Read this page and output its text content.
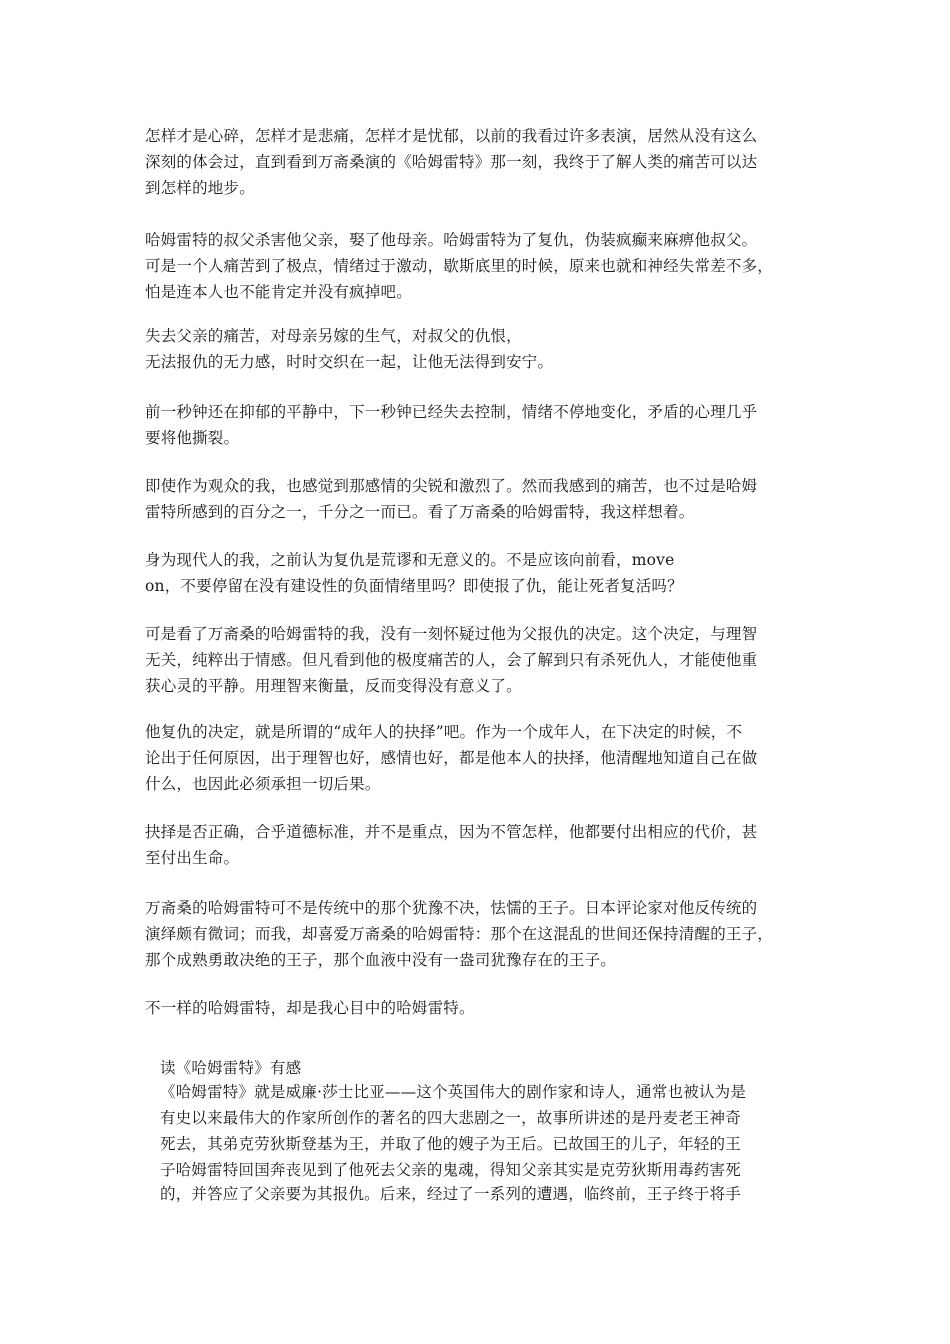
怎样才是心碎，怎样才是悲痛，怎样才是忧郁，以前的我看过许多表演，居然从没有这么
深刻的体会过，直到看到万斋桑演的《哈姆雷特》那一刻，我终于了解人类的痛苦可以达
到怎样的地步。
哈姆雷特的叔父杀害他父亲，娶了他母亲。哈姆雷特为了复仇，伪装疯癫来麻痹他叔父。
可是一个人痛苦到了极点，情绪过于激动，歇斯底里的时候，原来也就和神经失常差不多，
怕是连本人也不能肯定并没有疯掉吧。
失去父亲的痛苦，对母亲另嫁的生气，对叔父的仇恨，
无法报仇的无力感，时时交织在一起，让他无法得到安宁。
前一秒钟还在抑郁的平静中，下一秒钟已经失去控制，情绪不停地变化，矛盾的心理几乎
要将他撕裂。
即使作为观众的我，也感觉到那感情的尖锐和激烈了。然而我感到的痛苦，也不过是哈姆
雷特所感到的百分之一，千分之一而已。看了万斋桑的哈姆雷特，我这样想着。
身为现代人的我，之前认为复仇是荒谬和无意义的。不是应该向前看，move
on，不要停留在没有建设性的负面情绪里吗？即使报了仇，能让死者复活吗？
可是看了万斋桑的哈姆雷特的我，没有一刻怀疑过他为父报仇的决定。这个决定，与理智
无关，纯粹出于情感。但凡看到他的极度痛苦的人，会了解到只有杀死仇人，才能使他重
获心灵的平静。用理智来衡量，反而变得没有意义了。
他复仇的决定，就是所谓的“成年人的抉择”吧。作为一个成年人，在下决定的时候，不
论出于任何原因，出于理智也好，感情也好，都是他本人的抉择，他清醒地知道自己在做
什么，也因此必须承担一切后果。
抉择是否正确，合乎道德标准，并不是重点，因为不管怎样，他都要付出相应的代价，甚
至付出生命。
万斋桑的哈姆雷特可不是传统中的那个犹豫不决，怯懦的王子。日本评论家对他反传统的
演绎颇有微词；而我，却喜爱万斋桑的哈姆雷特：那个在这混乱的世间还保持清醒的王子，
那个成熟勇敢决绝的王子，那个血液中没有一盎司犹豫存在的王子。
不一样的哈姆雷特，却是我心目中的哈姆雷特。
读《哈姆雷特》有感
《哈姆雷特》就是威廉·莎士比亚——这个英国伟大的剧作家和诗人，通常也被认为是
有史以来最伟大的作家所创作的著名的四大悲剧之一，故事所讲述的是丹麦老王神奇
死去，其弟克劳狄斯登基为王，并取了他的嫂子为王后。已故国王的儿子，年轻的王
子哈姆雷特回国奔丧见到了他死去父亲的鬼魂，得知父亲其实是克劳狄斯用毒药害死
的，并答应了父亲要为其报仇。后来，经过了一系列的遭遇，临终前，王子终于将手
